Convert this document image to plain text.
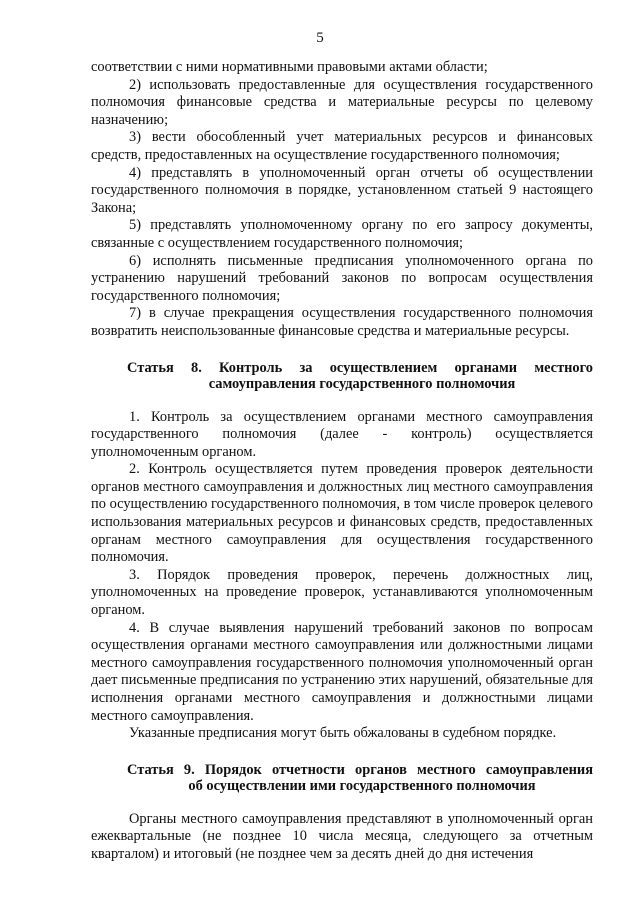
5

соответствии с ними нормативными правовыми актами области;

2) использовать предоставленные для осуществления государственного полномочия финансовые средства и материальные ресурсы по целевому назначению;

3) вести обособленный учет материальных ресурсов и финансовых средств, предоставленных на осуществление государственного полномочия;

4) представлять в уполномоченный орган отчеты об осуществлении государственного полномочия в порядке, установленном статьей 9 настоящего Закона;

5) представлять уполномоченному органу по его запросу документы, связанные с осуществлением государственного полномочия;

6) исполнять письменные предписания уполномоченного органа по устранению нарушений требований законов по вопросам осуществления государственного полномочия;

7) в случае прекращения осуществления государственного полномочия возвратить неиспользованные финансовые средства и материальные ресурсы.

Статья 8. Контроль за осуществлением органами местного
самоуправления государственного полномочия

1. Контроль за осуществлением органами местного самоуправления государственного полномочия (далее - контроль) осуществляется уполномоченным органом.

2. Контроль осуществляется путем проведения проверок деятельности органов местного самоуправления и должностных лиц местного самоуправления по осуществлению государственного полномочия, в том числе проверок целевого использования материальных ресурсов и финансовых средств, предоставленных органам местного самоуправления для осуществления государственного полномочия.

3. Порядок проведения проверок, перечень должностных лиц, уполномоченных на проведение проверок, устанавливаются уполномоченным органом.

4. В случае выявления нарушений требований законов по вопросам осуществления органами местного самоуправления или должностными лицами местного самоуправления государственного полномочия уполномоченный орган дает письменные предписания по устранению этих нарушений, обязательные для исполнения органами местного самоуправления и должностными лицами местного самоуправления.

Указанные предписания могут быть обжалованы в судебном порядке.

Статья 9. Порядок отчетности органов местного самоуправления
об осуществлении ими государственного полномочия

Органы местного самоуправления представляют в уполномоченный орган ежеквартальные (не позднее 10 числа месяца, следующего за отчетным кварталом) и итоговый (не позднее чем за десять дней до дня истечения
